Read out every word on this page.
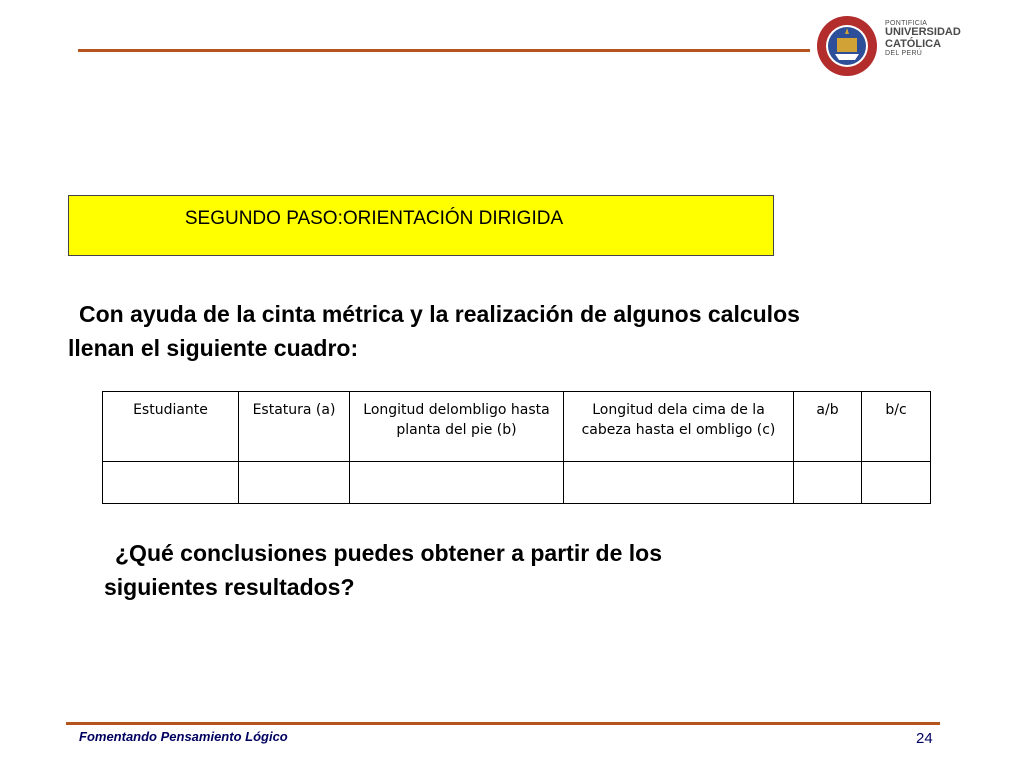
PONTIFICIA
UNIVERSIDAD
CATÓLICA
DEL PERÚ
SEGUNDO PASO:ORIENTACIÓN DIRIGIDA
Con ayuda de la cinta métrica y la realización de algunos calculos
llenan el siguiente cuadro:
Estudiante	Estatura (a)	Longitud delombligo hasta planta del pie (b)	Longitud dela cima de la cabeza hasta el ombligo (c)	a/b	b/c

¿Qué conclusiones puedes obtener a partir de los
siguientes resultados?
Fomentando Pensamiento Lógico	24
